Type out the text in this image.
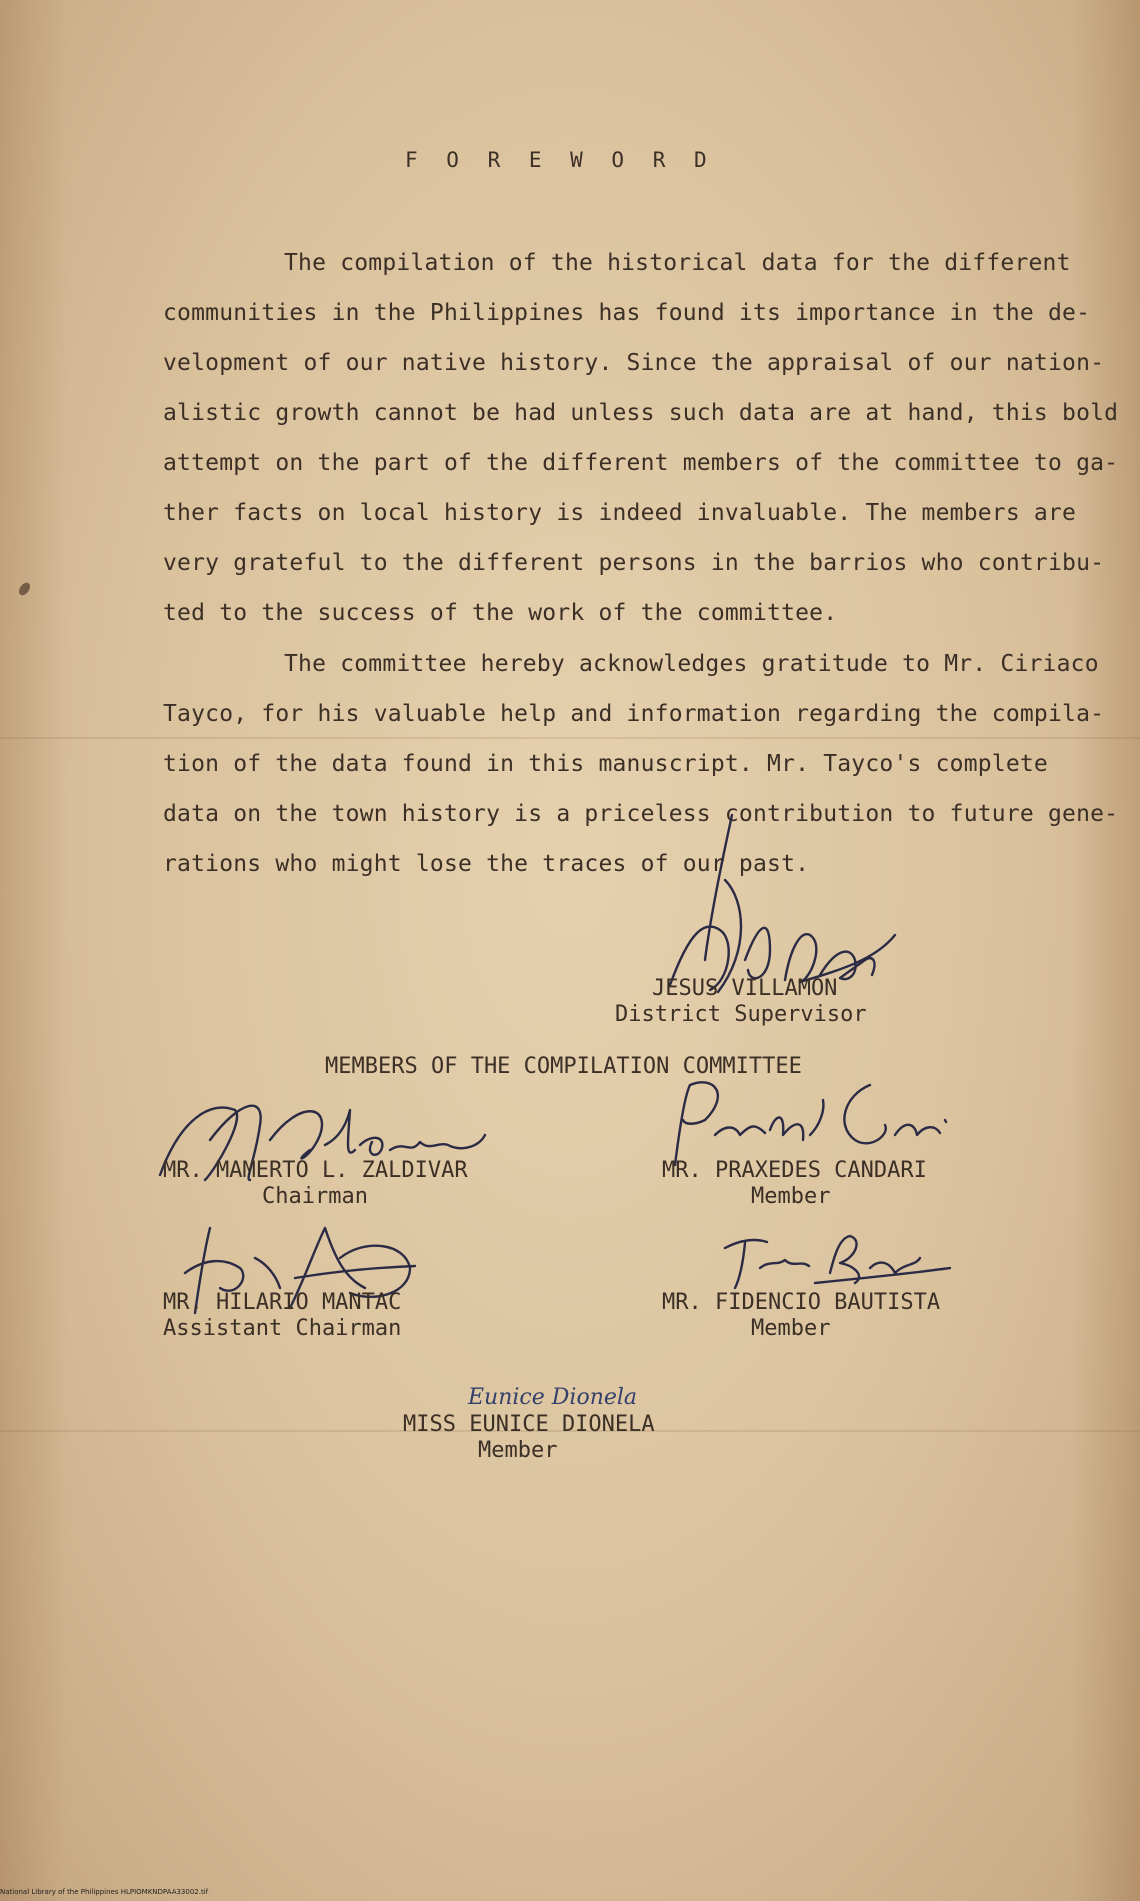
F O R E W O R D
The compilation of the historical data for the different
communities in the Philippines has found its importance in the de-
velopment of our native history. Since the appraisal of our nation-
alistic growth cannot be had unless such data are at hand, this bold
attempt on the part of the different members of the committee to ga-
ther facts on local history is indeed invaluable. The members are
very grateful to the different persons in the barrios who contribu-
ted to the success of the work of the committee.
The committee hereby acknowledges gratitude to Mr. Ciriaco
Tayco, for his valuable help and information regarding the compila-
tion of the data found in this manuscript. Mr. Tayco's complete
data on the town history is a priceless contribution to future gene-
rations who might lose the traces of our past.
JESUS VILLAMON
District Supervisor
MEMBERS OF THE COMPILATION COMMITTEE
MR. MAMERTO L. ZALDIVAR
Chairman
MR. PRAXEDES CANDARI
Member
MR. HILARIO MANTAC
Assistant Chairman
MR. FIDENCIO BAUTISTA
Member
Eunice Dionela
MISS EUNICE DIONELA
Member
National Library of the Philippines HLPIOMKNDPAA33002.tif
